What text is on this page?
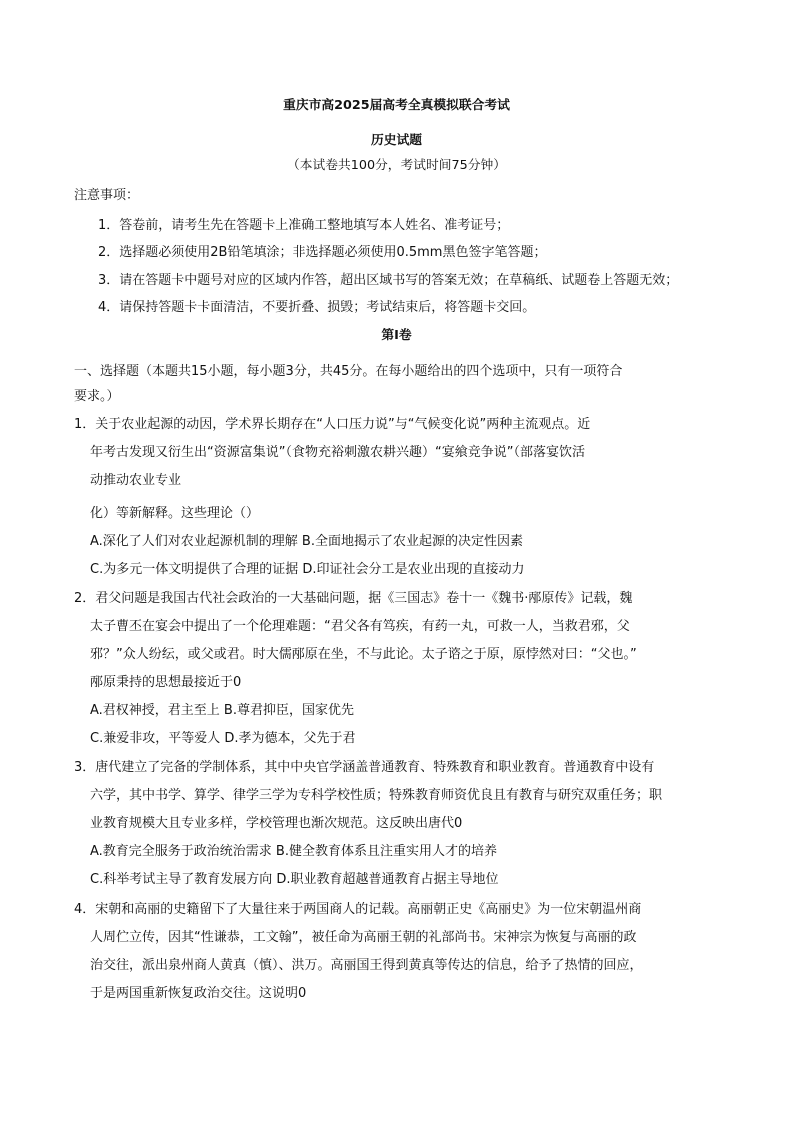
重庆市高2025届高考全真模拟联合考试
历史试题
（本试卷共100分，考试时间75分钟）
注意事项：
1．答卷前，请考生先在答题卡上准确工整地填写本人姓名、准考证号；
2．选择题必须使用2B铅笔填涂；非选择题必须使用0.5mm黑色签字笔答题；
3．请在答题卡中题号对应的区域内作答，超出区域书写的答案无效；在草稿纸、试题卷上答题无效；
4．请保持答题卡卡面清洁，不要折叠、损毁；考试结束后，将答题卡交回。
第Ⅰ卷
一、选择题（本题共15小题，每小题3分，共45分。在每小题给出的四个选项中，只有一项符合
要求。）
1．关于农业起源的动因，学术界长期存在“人口压力说”与“气候变化说”两种主流观点。近
年考古发现又衍生出“资源富集说”（食物充裕刺激农耕兴趣）“宴飨竞争说”（部落宴饮活
动推动农业专业
化）等新解释。这些理论（）
A.深化了人们对农业起源机制的理解 B.全面地揭示了农业起源的决定性因素
C.为多元一体文明提供了合理的证据 D.印证社会分工是农业出现的直接动力
2．君父问题是我国古代社会政治的一大基础问题，据《三国志》卷十一《魏书·邴原传》记载，魏
太子曹丕在宴会中提出了一个伦理难题：“君父各有笃疾，有药一丸，可救一人，当救君邪，父
邪？”众人纷纭，或父或君。时大儒邴原在坐，不与此论。太子谘之于原，原悖然对曰：“父也。”
邴原秉持的思想最接近于0
A.君权神授，君主至上 B.尊君抑臣，国家优先
C.兼爱非攻，平等爱人 D.孝为德本，父先于君
3．唐代建立了完备的学制体系，其中中央官学涵盖普通教育、特殊教育和职业教育。普通教育中设有
六学，其中书学、算学、律学三学为专科学校性质；特殊教育师资优良且有教育与研究双重任务；职
业教育规模大且专业多样，学校管理也渐次规范。这反映出唐代0
A.教育完全服务于政治统治需求 B.健全教育体系且注重实用人才的培养
C.科举考试主导了教育发展方向 D.职业教育超越普通教育占据主导地位
4．宋朝和高丽的史籍留下了大量往来于两国商人的记载。高丽朝正史《高丽史》为一位宋朝温州商
人周伫立传，因其“性谦恭，工文翰”，被任命为高丽王朝的礼部尚书。宋神宗为恢复与高丽的政
治交往，派出泉州商人黄真（慎）、洪万。高丽国王得到黄真等传达的信息，给予了热情的回应，
于是两国重新恢复政治交往。这说明0
